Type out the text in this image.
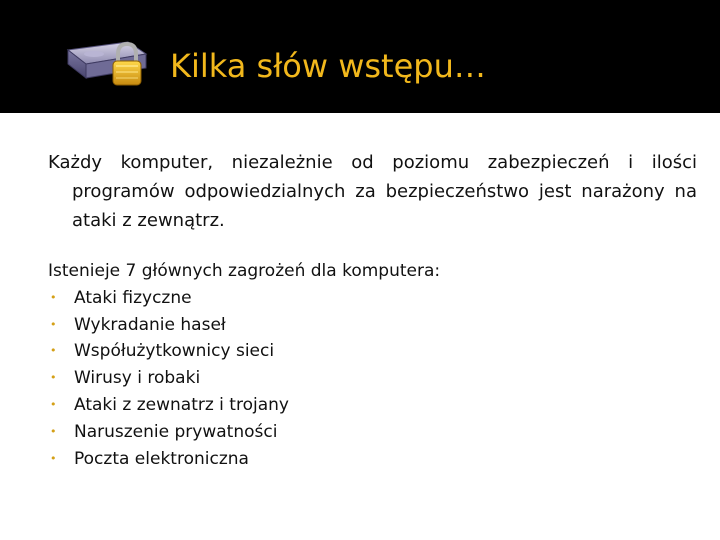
Kilka słów wstępu…

Każdy komputer, niezależnie od poziomu zabezpieczeń i ilości programów odpowiedzialnych za bezpieczeństwo jest narażony na ataki z zewnątrz.

Istenieje 7 głównych zagrożeń dla komputera:
• Ataki fizyczne
• Wykradanie haseł
• Współużytkownicy sieci
• Wirusy i robaki
• Ataki z zewnatrz i trojany
• Naruszenie prywatności
• Poczta elektroniczna
